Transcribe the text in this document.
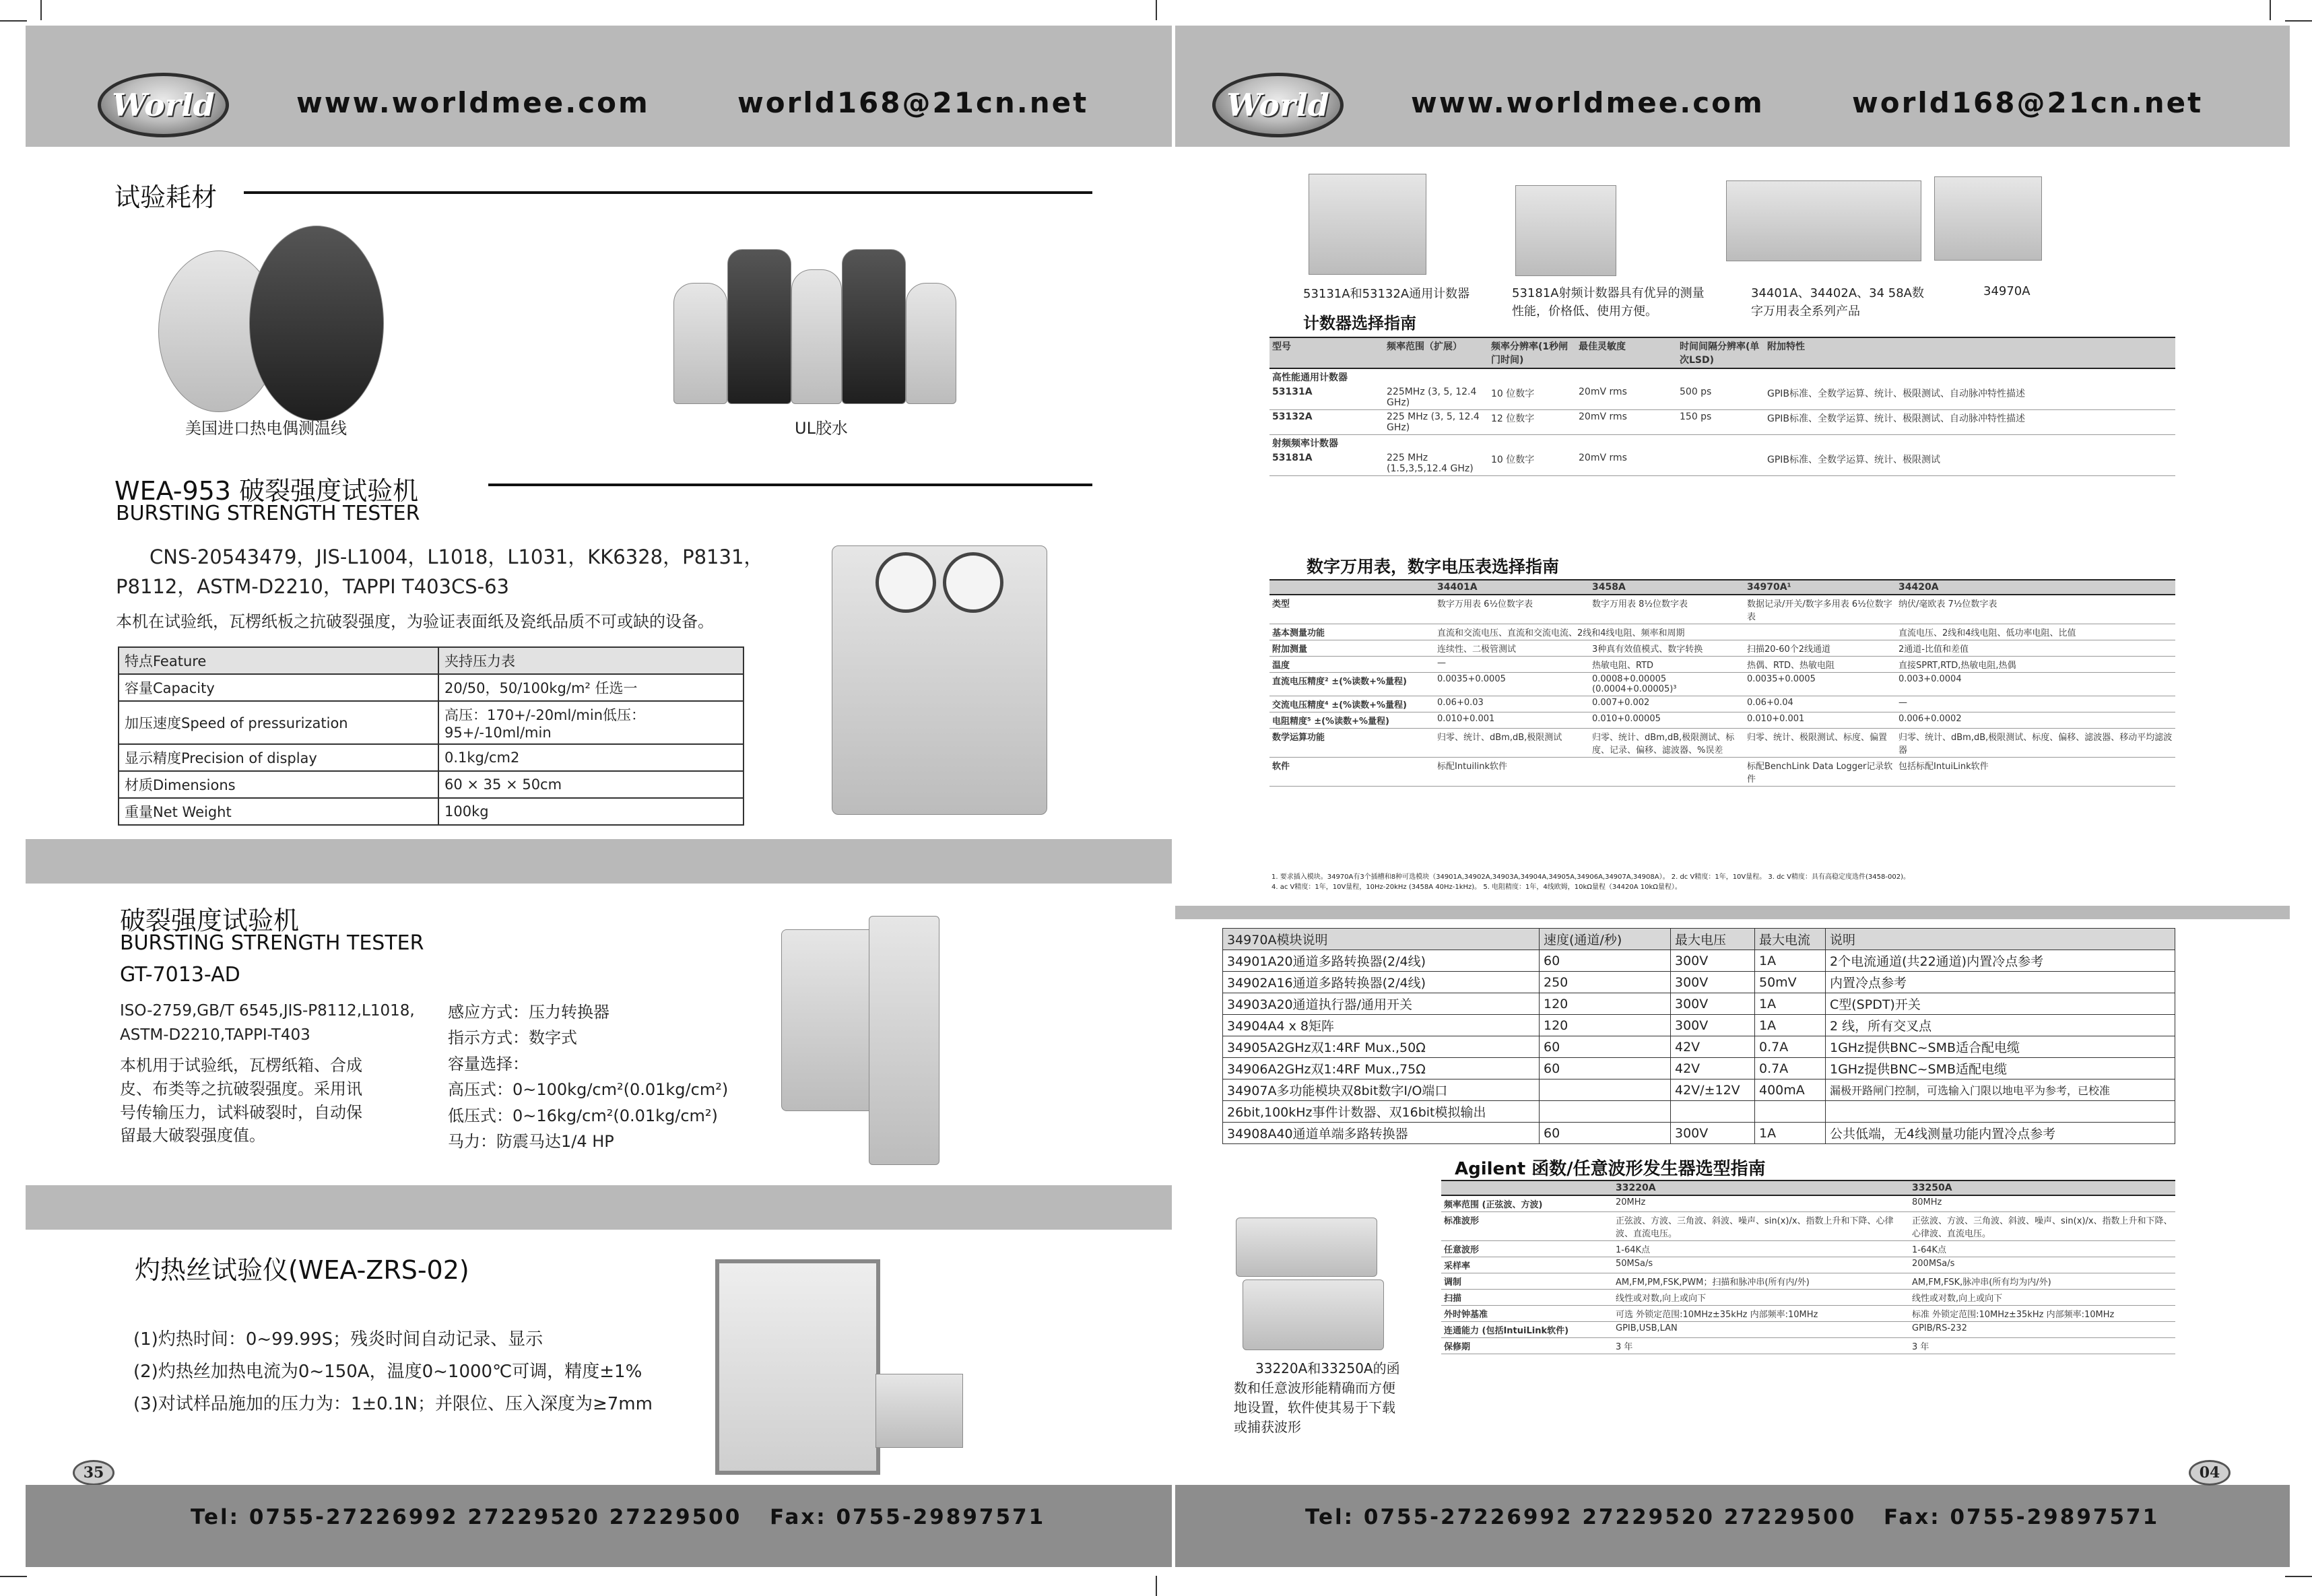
World	www.worldmee.com	world168@21cn.net	World	www.worldmee.com	world168@21cn.net
试验耗材
美国进口热电偶测温线	UL胶水
WEA-953 破裂强度试验机
BURSTING STRENGTH TESTER
CNS-20543479，JIS-L1004，L1018，L1031，KK6328，P8131，
P8112，ASTM-D2210，TAPPI T403CS-63
本机在试验纸，瓦楞纸板之抗破裂强度，为验证表面纸及瓷纸品质不可或缺的设备。
特点Feature	夹持压力表
容量Capacity	20/50，50/100kg/m² 任选一
加压速度Speed of pressurization	高压：170+/-20ml/min低压：95+/-10ml/min
显示精度Precision of display	0.1kg/cm2
材质Dimensions	60 × 35 × 50cm
重量Net Weight	100kg
破裂强度试验机
BURSTING STRENGTH TESTER
GT-7013-AD
ISO-2759,GB/T 6545,JIS-P8112,L1018,
ASTM-D2210,TAPPI-T403
本机用于试验纸，瓦楞纸箱、合成
皮、布类等之抗破裂强度。采用讯
号传输压力，试料破裂时，自动保
留最大破裂强度值。
感应方式：压力转换器
指示方式：数字式
容量选择：
高压式：0~100kg/cm²(0.01kg/cm²)
低压式：0~16kg/cm²(0.01kg/cm²)
马力：防震马达1/4 HP
灼热丝试验仪(WEA-ZRS-02)
(1)灼热时间：0~99.99S；残炎时间自动记录、显示
(2)灼热丝加热电流为0~150A，温度0~1000℃可调，精度±1%
(3)对试样品施加的压力为：1±0.1N；并限位、压入深度为≥7mm
35
Tel: 0755-27226992 27229520 27229500 Fax: 0755-29897571	Tel: 0755-27226992 27229520 27229500 Fax: 0755-29897571
53131A和53132A通用计数器	53181A射频计数器具有优异的测量性能，价格低、使用方便。
34401A、34402A、34 58A数字万用表全系列产品
34970A
计数器选择指南
型号	频率范围（扩展）	频率分辨率(1秒闸门时间)	最佳灵敏度	时间间隔分辨率(单次LSD)	附加特性
高性能通用计数器					
53131A	225MHz (3, 5, 12.4 GHz)	10 位数字	20mV rms	500 ps	GPIB标准、全数学运算、统计、极限测试、自动脉冲特性描述
53132A	225 MHz (3, 5, 12.4 GHz)	12 位数字	20mV rms	150 ps	GPIB标准、全数学运算、统计、极限测试、自动脉冲特性描述
射频频率计数器					
53181A	225 MHz (1.5,3,5,12.4 GHz)	10 位数字	20mV rms		GPIB标准、全数学运算、统计、极限测试
数字万用表，数字电压表选择指南
	34401A	3458A	34970A¹	34420A
类型	数字万用表 6½位数字表	数字万用表 8½位数字表	数据记录/开关/数字多用表 6½位数字表	纳伏/毫欧表 7½位数字表
基本测量功能	直流和交流电压、直流和交流电流、2线和4线电阻、频率和周期			直流电压、2线和4线电阻、低功率电阻、比值
附加测量	连续性、二极管测试	3种真有效值模式、数字转换	扫描20-60个2线通道	2通道-比值和差值
温度	—	热敏电阻、RTD	热偶、RTD、热敏电阻	直接SPRT,RTD,热敏电阻,热偶
直流电压精度² ±(%读数+%量程)	0.0035+0.0005	0.0008+0.00005 (0.0004+0.00005)³	0.0035+0.0005	0.003+0.0004
交流电压精度⁴ ±(%读数+%量程)	0.06+0.03	0.007+0.002	0.06+0.04	—
电阻精度⁵ ±(%读数+%量程)	0.010+0.001	0.010+0.00005	0.010+0.001	0.006+0.0002
数学运算功能	归零、统计、dBm,dB,极限测试	归零、统计、dBm,dB,极限测试、标度、记录、偏移、滤波器、%误差	归零、统计、极限测试、标度、偏置	归零、统计、dBm,dB,极限测试、标度、偏移、滤波器、移动平均滤波器
软件	标配Intuilink软件		标配BenchLink Data Logger记录软件	包括标配IntuiLink软件
1. 要求插入模块。34970A有3个插槽和8种可选模块（34901A,34902A,34903A,34904A,34905A,34906A,34907A,34908A）。 2. dc V精度：1年，10V量程。 3. dc V精度：具有高稳定度选件(3458-002)。
4. ac V精度：1年，10V量程，10Hz-20kHz (3458A 40Hz-1kHz)。 5. 电阻精度：1年，4线欧姆，10kΩ量程（34420A 10kΩ量程）。
34970A模块说明	速度(通道/秒)	最大电压	最大电流	说明
34901A20通道多路转换器(2/4线)	60	300V	1A	2个电流通道(共22通道)内置冷点参考
34902A16通道多路转换器(2/4线)	250	300V	50mV	内置冷点参考
34903A20通道执行器/通用开关	120	300V	1A	C型(SPDT)开关
34904A4 x 8矩阵	120	300V	1A	2 线，所有交叉点
34905A2GHz双1:4RF Mux.,50Ω	60	42V	0.7A	1GHz提供BNC~SMB适合配电缆
34906A2GHz双1:4RF Mux.,75Ω	60	42V	0.7A	1GHz提供BNC~SMB适配电缆
34907A多功能模块双8bit数字I/O端口		42V/±12V	400mA	漏极开路闸门控制，可选输入门限以地电平为参考，已校准
26bit,100kHz事件计数器、双16bit模拟输出				
34908A40通道单端多路转换器	60	300V	1A	公共低端，无4线测量功能内置冷点参考
Agilent 函数/任意波形发生器选型指南
	33220A	33250A
频率范围 (正弦波、方波)	20MHz	80MHz
标准波形	正弦波、方波、三角波、斜波、噪声、sin(x)/x、指数上升和下降、心律波、直流电压。	正弦波、方波、三角波、斜波、噪声、sin(x)/x、指数上升和下降、心律波、直流电压。
任意波形	1-64K点	1-64K点
采样率	50MSa/s	200MSa/s
调制	AM,FM,PM,FSK,PWM；扫描和脉冲串(所有内/外)	AM,FM,FSK,脉冲串(所有均为内/外)
扫描	线性或对数,向上或向下	线性或对数,向上或向下
外时钟基准	可选 外锁定范围:10MHz±35kHz 内部频率:10MHz	标准 外锁定范围:10MHz±35kHz 内部频率:10MHz
连通能力 (包括IntuiLink软件)	GPIB,USB,LAN	GPIB/RS-232
保修期	3 年	3 年
33220A和33250A的函
数和任意波形能精确而方便
地设置，软件使其易于下载
或捕获波形
04
